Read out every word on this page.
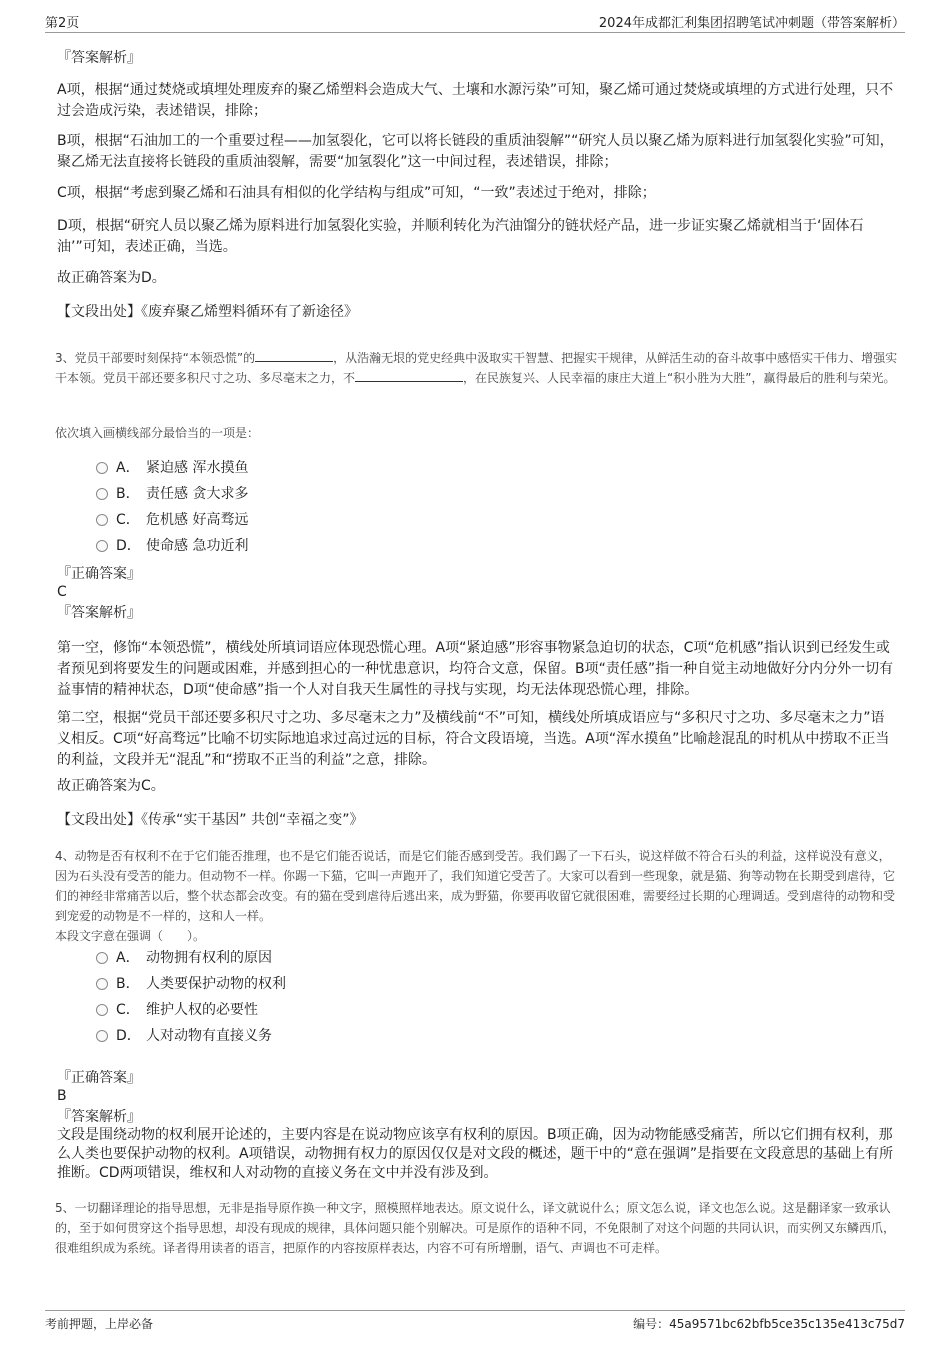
第2页	2024年成都汇利集团招聘笔试冲刺题（带答案解析）
『答案解析』
A项，根据“通过焚烧或填埋处理废弃的聚乙烯塑料会造成大气、土壤和水源污染”可知，聚乙烯可通过焚烧或填埋的方式进行处理，只不过会造成污染，表述错误，排除；
B项，根据“石油加工的一个重要过程——加氢裂化，它可以将长链段的重质油裂解”“研究人员以聚乙烯为原料进行加氢裂化实验”可知，聚乙烯无法直接将长链段的重质油裂解，需要“加氢裂化”这一中间过程，表述错误，排除；
C项，根据“考虑到聚乙烯和石油具有相似的化学结构与组成”可知，“一致”表述过于绝对，排除；
D项，根据“研究人员以聚乙烯为原料进行加氢裂化实验，并顺利转化为汽油馏分的链状烃产品，进一步证实聚乙烯就相当于‘固体石油’”可知，表述正确，当选。
故正确答案为D。
【文段出处】《废弃聚乙烯塑料循环有了新途径》
3、党员干部要时刻保持“本领恐慌”的	，从浩瀚无垠的党史经典中汲取实干智慧、把握实干规律，从鲜活生动的奋斗故事中感悟实干伟力、增强实干本领。党员干部还要多积尺寸之功、多尽毫末之力，不	，在民族复兴、人民幸福的康庄大道上“积小胜为大胜”，赢得最后的胜利与荣光。
依次填入画横线部分最恰当的一项是：
A． 紧迫感 浑水摸鱼
B． 责任感 贪大求多
C． 危机感 好高骛远
D． 使命感 急功近利
『正确答案』
C
『答案解析』
第一空，修饰“本领恐慌”，横线处所填词语应体现恐慌心理。A项“紧迫感”形容事物紧急迫切的状态，C项“危机感”指认识到已经发生或者预见到将要发生的问题或困难，并感到担心的一种忧患意识，均符合文意，保留。B项“责任感”指一种自觉主动地做好分内分外一切有益事情的精神状态，D项“使命感”指一个人对自我天生属性的寻找与实现，均无法体现恐慌心理，排除。
第二空，根据“党员干部还要多积尺寸之功、多尽毫末之力”及横线前“不”可知，横线处所填成语应与“多积尺寸之功、多尽毫末之力”语义相反。C项“好高骛远”比喻不切实际地追求过高过远的目标，符合文段语境，当选。A项“浑水摸鱼”比喻趁混乱的时机从中捞取不正当的利益，文段并无“混乱”和“捞取不正当的利益”之意，排除。
故正确答案为C。
【文段出处】《传承“实干基因” 共创“幸福之变”》
4、动物是否有权利不在于它们能否推理，也不是它们能否说话，而是它们能否感到受苦。我们踢了一下石头，说这样做不符合石头的利益，这样说没有意义，因为石头没有受苦的能力。但动物不一样。你踢一下猫，它叫一声跑开了，我们知道它受苦了。大家可以看到一些现象，就是猫、狗等动物在长期受到虐待，它们的神经非常痛苦以后，整个状态都会改变。有的猫在受到虐待后逃出来，成为野猫，你要再收留它就很困难，需要经过长期的心理调适。受到虐待的动物和受到宠爱的动物是不一样的，这和人一样。
本段文字意在强调（　　）。
A． 动物拥有权利的原因
B． 人类要保护动物的权利
C． 维护人权的必要性
D． 人对动物有直接义务
『正确答案』
B
『答案解析』
文段是围绕动物的权利展开论述的，主要内容是在说动物应该享有权利的原因。B项正确，因为动物能感受痛苦，所以它们拥有权利，那么人类也要保护动物的权利。A项错误，动物拥有权力的原因仅仅是对文段的概述，题干中的“意在强调”是指要在文段意思的基础上有所推断。CD两项错误，维权和人对动物的直接义务在文中并没有涉及到。
5、一切翻译理论的指导思想，无非是指导原作换一种文字，照模照样地表达。原文说什么，译文就说什么；原文怎么说，译文也怎么说。这是翻译家一致承认的，至于如何贯穿这个指导思想，却没有现成的规律，具体问题只能个别解决。可是原作的语种不同，不免限制了对这个问题的共同认识，而实例又东鳞西爪，很难组织成为系统。译者得用读者的语言，把原作的内容按原样表达，内容不可有所增删，语气、声调也不可走样。
考前押题，上岸必备	编号：45a9571bc62bfb5ce35c135e413c75d7
